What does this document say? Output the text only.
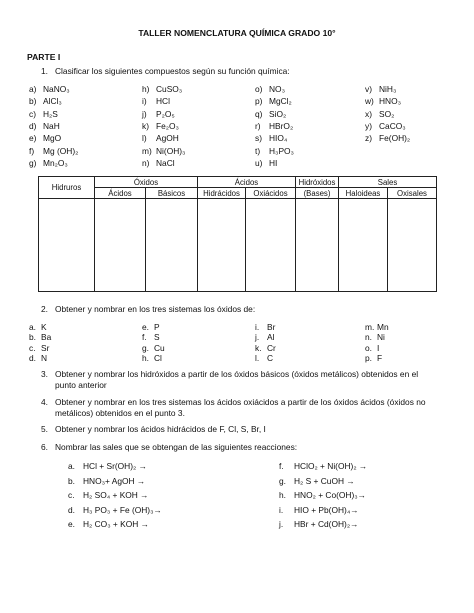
TALLER NOMENCLATURA QUÍMICA GRADO 10°
PARTE I
1. Clasificar los siguientes compuestos según su función química:
a) NaNO₃
b) AlCl₃
c) H₂S
d) NaH
e) MgO
f) Mg (OH)₂
g) Mn₂O₃
h) CuSO₃
i) HCl
j) P₂O₅
k) Fe₂O₃
l) AgOH
m) Ni(OH)₃
n) NaCl
o) NO₃
p) MgCl₂
q) SiO₂
r) HBrO₂
s) HIO₄
t) H₃PO₃
u) HI
v) NiH₃
w) HNO₃
x) SO₂
y) CaCO₃
z) Fe(OH)₂
Hidruros	Óxidos		Ácidos		Hidróxidos	Sales	
	Ácidos	Básicos	Hidrácidos	Oxiácidos	(Bases)	Haloideas	Oxisales

2. Obtener y nombrar en los tres sistemas los óxidos de:
a. K
b. Ba
c. Sr
d. N
e. P
f. S
g. Cu
h. Cl
i. Br
j. Al
k. Cr
l. C
m. Mn
n. Ni
o. I
p. F
3. Obtener y nombrar los hidróxidos a partir de los óxidos básicos (óxidos metálicos) obtenidos en el punto anterior
4. Obtener y nombrar en los tres sistemas los ácidos oxiácidos a partir de los óxidos ácidos (óxidos no metálicos) obtenidos en el punto 3.
5. Obtener y nombrar los ácidos hidrácidos de F, Cl, S, Br, I
6. Nombrar las sales que se obtengan de las siguientes reacciones:
a. HCl + Sr(OH)₂ →
b. HNO₃+ AgOH →
c. H₂ SO₄ + KOH →
d. H₃ PO₃ + Fe (OH)₃→
e. H₂ CO₃ + KOH →
f. HClO₂ + Ni(OH)₂ →
g. H₂ S + CuOH →
h. HNO₂ + Co(OH)₃→
i. HIO + Pb(OH)₄→
j. HBr + Cd(OH)₂→
